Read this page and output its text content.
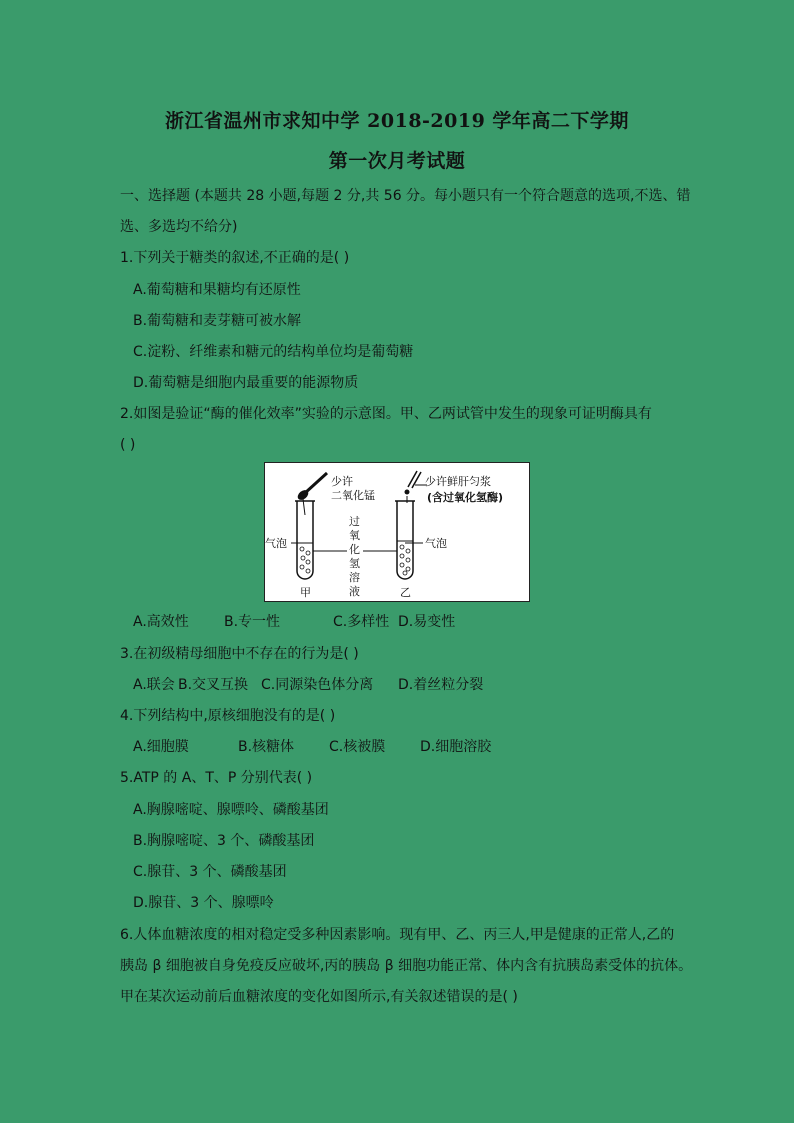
浙江省温州市求知中学 2018-2019 学年高二下学期
第一次月考试题
一、选择题 (本题共 28 小题,每题 2 分,共 56 分。每小题只有一个符合题意的选项,不选、错
选、多选均不给分)
1.下列关于糖类的叙述,不正确的是( )
A.葡萄糖和果糖均有还原性
B.葡萄糖和麦芽糖可被水解
C.淀粉、纤维素和糖元的结构单位均是葡萄糖
D.葡萄糖是细胞内最重要的能源物质
2.如图是验证“酶的催化效率”实验的示意图。甲、乙两试管中发生的现象可证明酶具有
( )
少许
二氧化锰
少许鲜肝匀浆
(含过氧化氢酶)
气泡	气泡
过
氧
化
氢
溶
液
甲	乙
A.高效性	B.专一性	C.多样性 D.易变性
3.在初级精母细胞中不存在的行为是( )
A.联会 B.交叉互换 C.同源染色体分离 D.着丝粒分裂
4.下列结构中,原核细胞没有的是( )
A.细胞膜	B.核糖体 C.核被膜 D.细胞溶胶
5.ATP 的 A、T、P 分别代表( )
A.胸腺嘧啶、腺嘌呤、磷酸基团
B.胸腺嘧啶、3 个、磷酸基团
C.腺苷、3 个、磷酸基团
D.腺苷、3 个、腺嘌呤
6.人体血糖浓度的相对稳定受多种因素影响。现有甲、乙、丙三人,甲是健康的正常人,乙的
胰岛 β 细胞被自身免疫反应破坏,丙的胰岛 β 细胞功能正常、体内含有抗胰岛素受体的抗体。
甲在某次运动前后血糖浓度的变化如图所示,有关叙述错误的是( )
